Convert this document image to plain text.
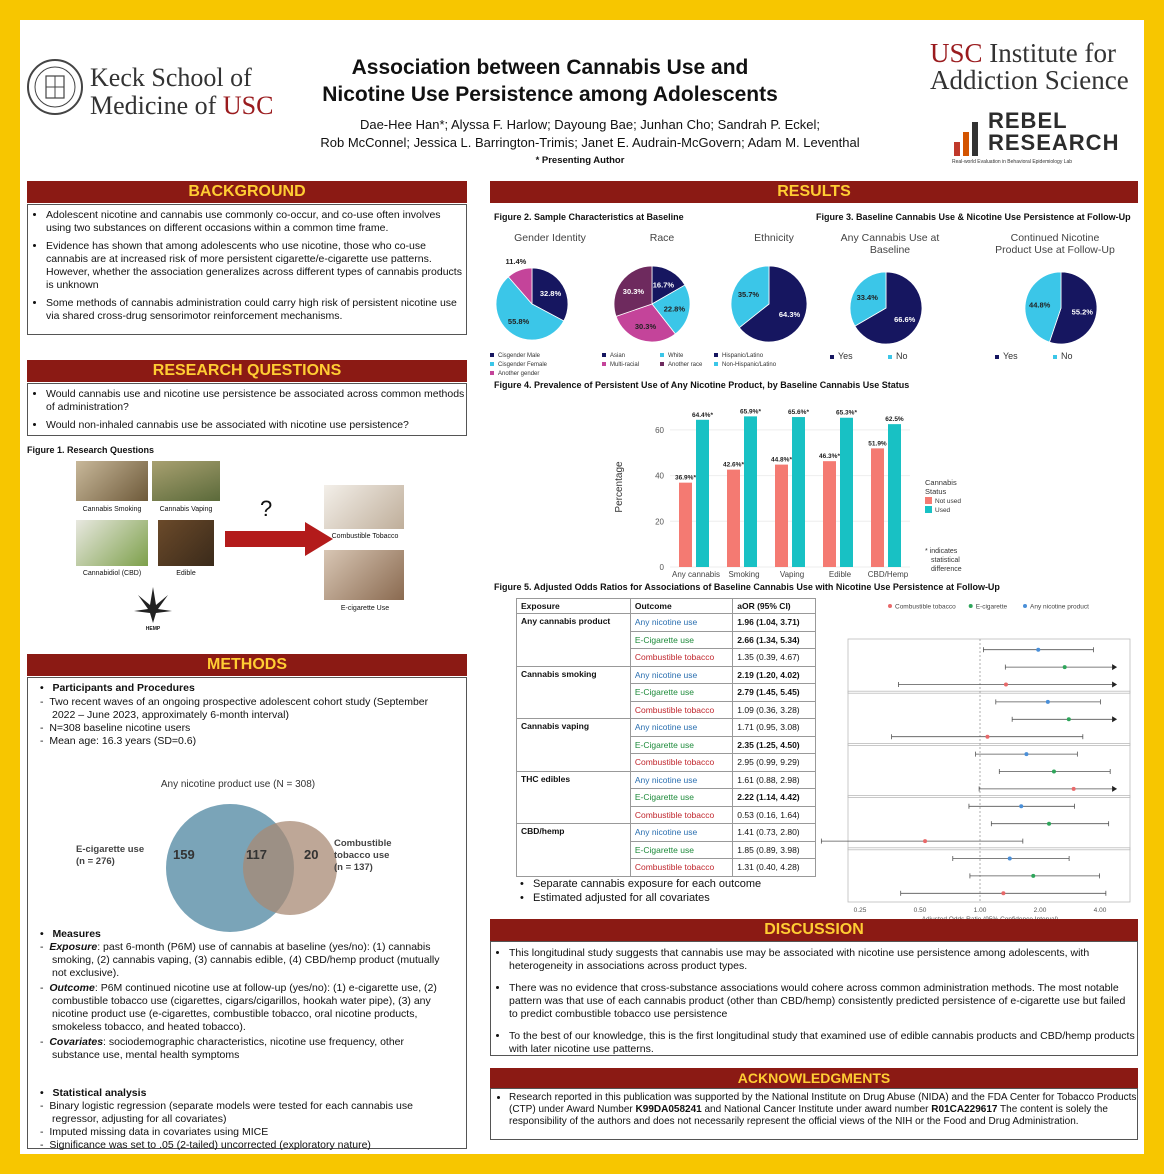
Keck School of
Medicine of USC
Association between Cannabis Use and
Nicotine Use Persistence among Adolescents
Dae-Hee Han*; Alyssa F. Harlow; Dayoung Bae; Junhan Cho; Sandrah P. Eckel;
Rob McConnel; Jessica L. Barrington-Trimis; Janet E. Audrain-McGovern; Adam M. Leventhal
* Presenting Author
USC Institute for
Addiction Science
REBEL
RESEARCH
Real-world Evaluation in Behavioral Epidemiology Lab
BACKGROUND
• Adolescent nicotine and cannabis use commonly co-occur, and co-use often involves using two substances on different occasions within a common time frame.
• Evidence has shown that among adolescents who use nicotine, those who co-use cannabis are at increased risk of more persistent cigarette/e-cigarette use patterns. However, whether the association generalizes across different types of cannabis products is unknown
• Some methods of cannabis administration could carry high risk of persistent nicotine use via shared cross-drug sensorimotor reinforcement mechanisms.
RESEARCH QUESTIONS
• Would cannabis use and nicotine use persistence be associated across common methods of administration?
• Would non-inhaled cannabis use be associated with nicotine use persistence?
Figure 1. Research Questions
Cannabis Smoking	Cannabis Vaping
Cannabidiol (CBD)	Edible
HEMP
?
Combustible Tobacco
E-cigarette Use
METHODS
•   Participants and Procedures
-  Two recent waves of an ongoing prospective adolescent cohort study (September 2022 – June 2023, approximately 6-month interval)
-  N=308 baseline nicotine users
-  Mean age: 16.3 years (SD=0.6)
Any nicotine product use (N = 308)
159	117	20
E-cigarette use
(n = 276)
Combustible
tobacco use
(n = 137)
•   Measures
-  Exposure: past 6-month (P6M) use of cannabis at baseline (yes/no): (1) cannabis smoking, (2) cannabis vaping, (3) cannabis edible, (4) CBD/hemp product (mutually not exclusive).
-  Outcome: P6M continued nicotine use at follow-up (yes/no): (1) e-cigarette use, (2) combustible tobacco use (cigarettes, cigars/cigarillos, hookah water pipe), (3) any nicotine product use (e-cigarettes, combustible tobacco, oral nicotine products, smokeless tobacco, and heated tobacco).
-  Covariates: sociodemographic characteristics, nicotine use frequency, other substance use, mental health symptoms
•   Statistical analysis
-  Binary logistic regression (separate models were tested for each cannabis use regressor, adjusting for all covariates)
-  Imputed missing data in covariates using MICE
-  Significance was set to .05 (2-tailed) uncorrected (exploratory nature)
RESULTS
Figure 2. Sample Characteristics at Baseline	Figure 3. Baseline Cannabis Use & Nicotine Use Persistence at Follow-Up
Gender Identity
32.8%
55.8%
11.4%
Cisgender Male
Cisgender Female
Another gender
Race
16.7%
22.8%
30.3%
30.3%
Asian	WhiteMulti-racial	Another race
Ethnicity
64.3%
35.7%
Hispanic/Latino
Non-Hispanic/Latino
Any Cannabis Use at Baseline
66.6%
33.4%
Yes	No
Continued Nicotine Product Use at Follow-Up
55.2%
44.8%
Yes	No
Figure 4. Prevalence of Persistent Use of Any Nicotine Product, by Baseline Cannabis Use Status
Percentage
0
20
40
60
36.9%*
64.4%*
Any cannabis
42.6%*
65.9%*
Smoking
44.8%*
65.6%*
Vaping
46.3%*
65.3%*
Edible
51.9%
62.5%
CBD/Hemp
Cannabis
Status
Not used
Used
* indicates
statistical
difference
Figure 5. Adjusted Odds Ratios for Associations of Baseline Cannabis Use with Nicotine Use Persistence at Follow-Up
Exposure	Outcome	aOR (95% CI)
Any cannabis product	Any nicotine use	1.96 (1.04, 3.71)
	E-Cigarette use	2.66 (1.34, 5.34)
	Combustible tobacco	1.35 (0.39, 4.67)
Cannabis smoking	Any nicotine use	2.19 (1.20, 4.02)
	E-Cigarette use	2.79 (1.45, 5.45)
	Combustible tobacco	1.09 (0.36, 3.28)
Cannabis vaping	Any nicotine use	1.71 (0.95, 3.08)
	E-Cigarette use	2.35 (1.25, 4.50)
	Combustible tobacco	2.95 (0.99, 9.29)
THC edibles	Any nicotine use	1.61 (0.88, 2.98)
	E-Cigarette use	2.22 (1.14, 4.42)
	Combustible tobacco	0.53 (0.16, 1.64)
CBD/hemp	Any nicotine use	1.41 (0.73, 2.80)
	E-Cigarette use	1.85 (0.89, 3.98)
	Combustible tobacco	1.31 (0.40, 4.28)
Combustible tobacco	E-cigarette	Any nicotine product
0.25	0.50	1.00	2.00	4.00
•   Separate cannabis exposure for each outcome
•   Estimated adjusted for all covariates
DISCUSSION
• This longitudinal study suggests that cannabis use may be associated with nicotine use persistence among adolescents, with heterogeneity in associations across product types.
• There was no evidence that cross-substance associations would cohere across common administration methods. The most notable pattern was that use of each cannabis product (other than CBD/hemp) consistently predicted persistence of e-cigarette use but failed to predict combustible tobacco use persistence
• To the best of our knowledge, this is the first longitudinal study that examined use of edible cannabis products and CBD/hemp products with later nicotine use patterns.
ACKNOWLEDGMENTS
• Research reported in this publication was supported by the National Institute on Drug Abuse (NIDA) and the FDA Center for Tobacco Products (CTP) under Award Number K99DA058241 and National Cancer Institute under award number R01CA229617 The content is solely the responsibility of the authors and does not necessarily represent the official views of the NIH or the Food and Drug Administration.
